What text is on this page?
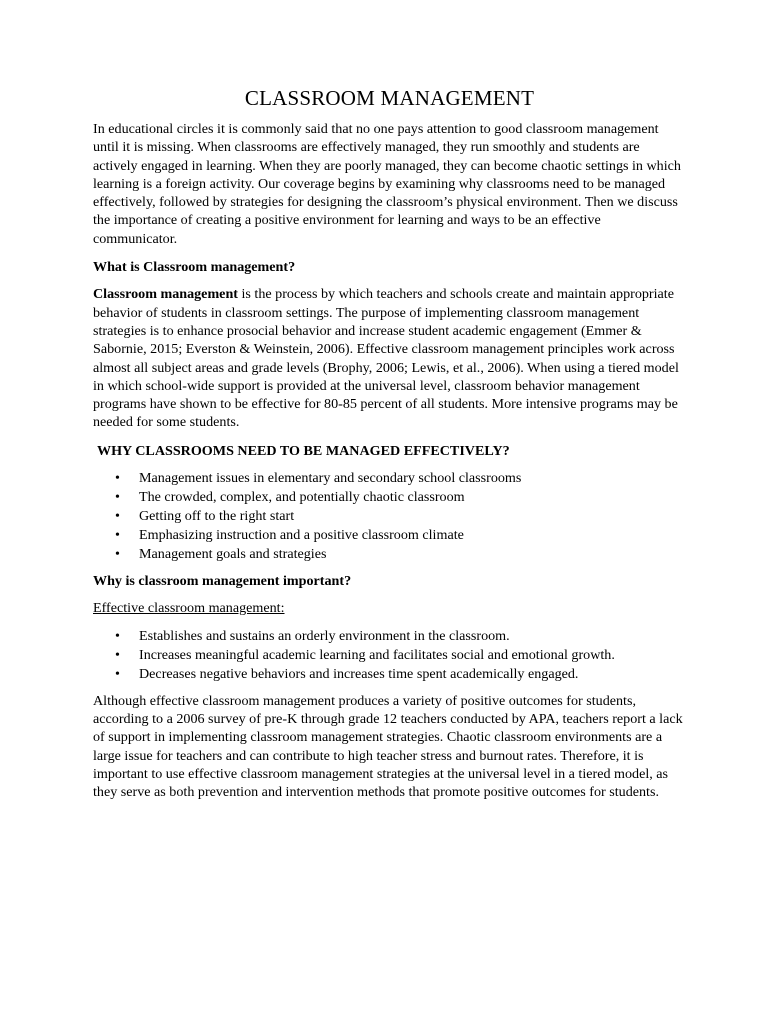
CLASSROOM MANAGEMENT

In educational circles it is commonly said that no one pays attention to good classroom management until it is missing. When classrooms are effectively managed, they run smoothly and students are actively engaged in learning. When they are poorly managed, they can become chaotic settings in which learning is a foreign activity. Our coverage begins by examining why classrooms need to be managed effectively, followed by strategies for designing the classroom’s physical environment. Then we discuss the importance of creating a positive environment for learning and ways to be an effective communicator.

What is Classroom management?

Classroom management is the process by which teachers and schools create and maintain appropriate behavior of students in classroom settings. The purpose of implementing classroom management strategies is to enhance prosocial behavior and increase student academic engagement (Emmer & Sabornie, 2015; Everston & Weinstein, 2006). Effective classroom management principles work across almost all subject areas and grade levels (Brophy, 2006; Lewis, et al., 2006). When using a tiered model in which school-wide support is provided at the universal level, classroom behavior management programs have shown to be effective for 80-85 percent of all students. More intensive programs may be needed for some students.

WHY CLASSROOMS NEED TO BE MANAGED EFFECTIVELY?

• Management issues in elementary and secondary school classrooms
• The crowded, complex, and potentially chaotic classroom
• Getting off to the right start
• Emphasizing instruction and a positive classroom climate
• Management goals and strategies

Why is classroom management important?

Effective classroom management:

• Establishes and sustains an orderly environment in the classroom.
• Increases meaningful academic learning and facilitates social and emotional growth.
• Decreases negative behaviors and increases time spent academically engaged.

Although effective classroom management produces a variety of positive outcomes for students, according to a 2006 survey of pre-K through grade 12 teachers conducted by APA, teachers report a lack of support in implementing classroom management strategies. Chaotic classroom environments are a large issue for teachers and can contribute to high teacher stress and burnout rates. Therefore, it is important to use effective classroom management strategies at the universal level in a tiered model, as they serve as both prevention and intervention methods that promote positive outcomes for students.
